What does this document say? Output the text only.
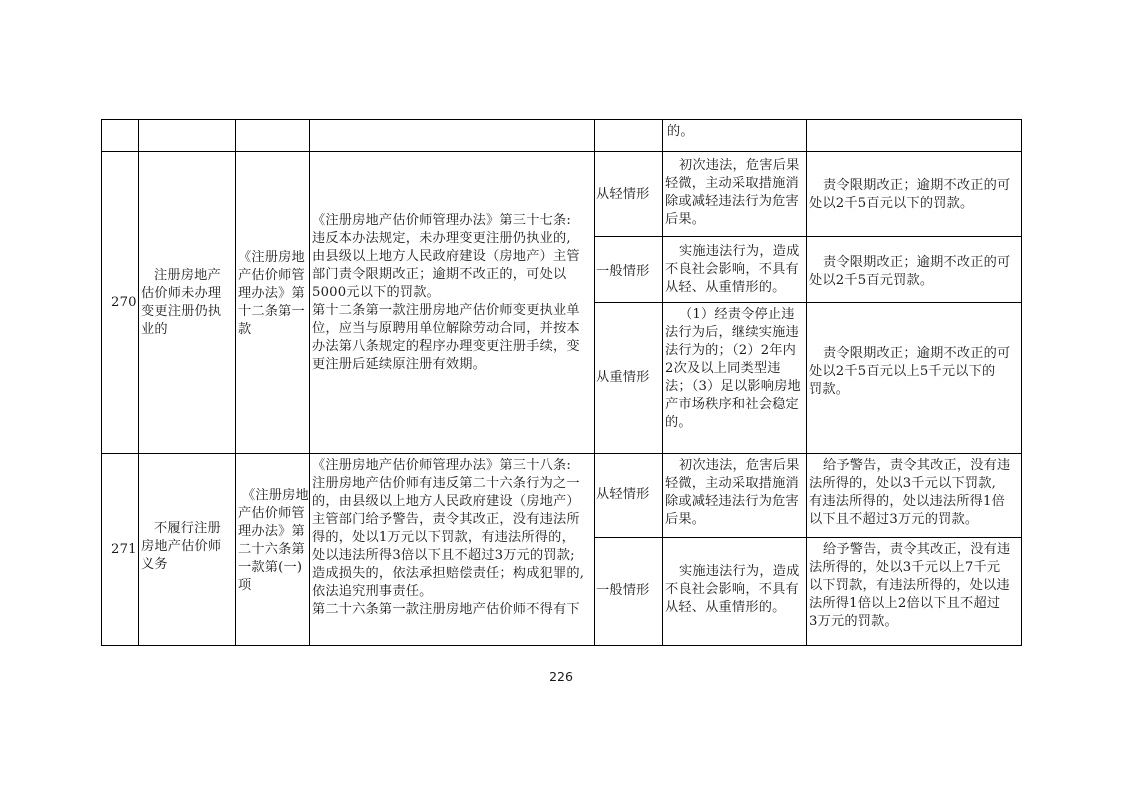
的。
270
注册房地产
估价师未办理
变更注册仍执
业的
《注册房地
产估价师管
理办法》第
十二条第一
款
《注册房地产估价师管理办法》第三十七条:
违反本办法规定，未办理变更注册仍执业的,
由县级以上地方人民政府建设（房地产）主管
部门责令限期改正；逾期不改正的，可处以
5000元以下的罚款。
第十二条第一款注册房地产估价师变更执业单
位，应当与原聘用单位解除劳动合同，并按本
办法第八条规定的程序办理变更注册手续，变
更注册后延续原注册有效期。
从轻情形
初次违法，危害后果
轻微，主动采取措施消
除或减轻违法行为危害
后果。
责令限期改正；逾期不改正的可
处以2千5百元以下的罚款。
一般情形
实施违法行为，造成
不良社会影响，不具有
从轻、从重情形的。
责令限期改正；逾期不改正的可
处以2千5百元罚款。
从重情形
（1）经责令停止违
法行为后，继续实施违
法行为的；（2）2年内
2次及以上同类型违
法；（3）足以影响房地
产市场秩序和社会稳定
的。
责令限期改正；逾期不改正的可
处以2千5百元以上5千元以下的
罚款。
271
不履行注册
房地产估价师
义务
《注册房地
产估价师管
理办法》第
二十六条第
一款第(一)
项
《注册房地产估价师管理办法》第三十八条:
注册房地产估价师有违反第二十六条行为之一
的，由县级以上地方人民政府建设（房地产）
主管部门给予警告，责令其改正，没有违法所
得的，处以1万元以下罚款，有违法所得的，
处以违法所得3倍以下且不超过3万元的罚款;
造成损失的，依法承担赔偿责任；构成犯罪的,
依法追究刑事责任。
第二十六条第一款注册房地产估价师不得有下
从轻情形
初次违法，危害后果
轻微，主动采取措施消
除或减轻违法行为危害
后果。
给予警告，责令其改正，没有违
法所得的，处以3千元以下罚款,
有违法所得的，处以违法所得1倍
以下且不超过3万元的罚款。
一般情形
实施违法行为，造成
不良社会影响，不具有
从轻、从重情形的。
给予警告，责令其改正，没有违
法所得的，处以3千元以上7千元
以下罚款，有违法所得的，处以违
法所得1倍以上2倍以下且不超过
3万元的罚款。
226
